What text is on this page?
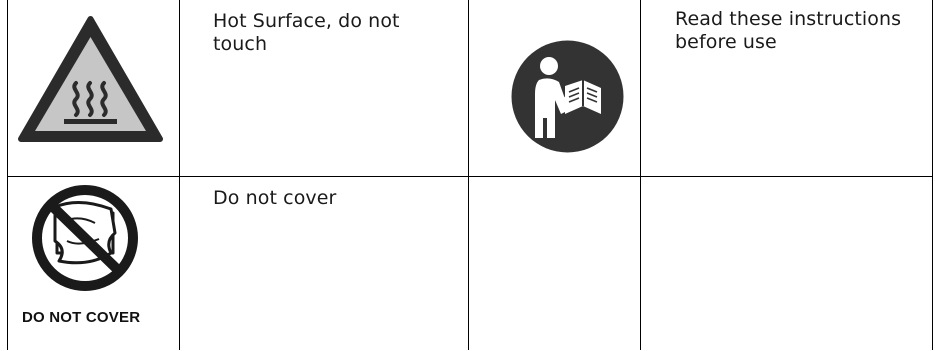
Hot Surface, do not touch
Read these instructions before use
DO NOT COVER
Do not cover
